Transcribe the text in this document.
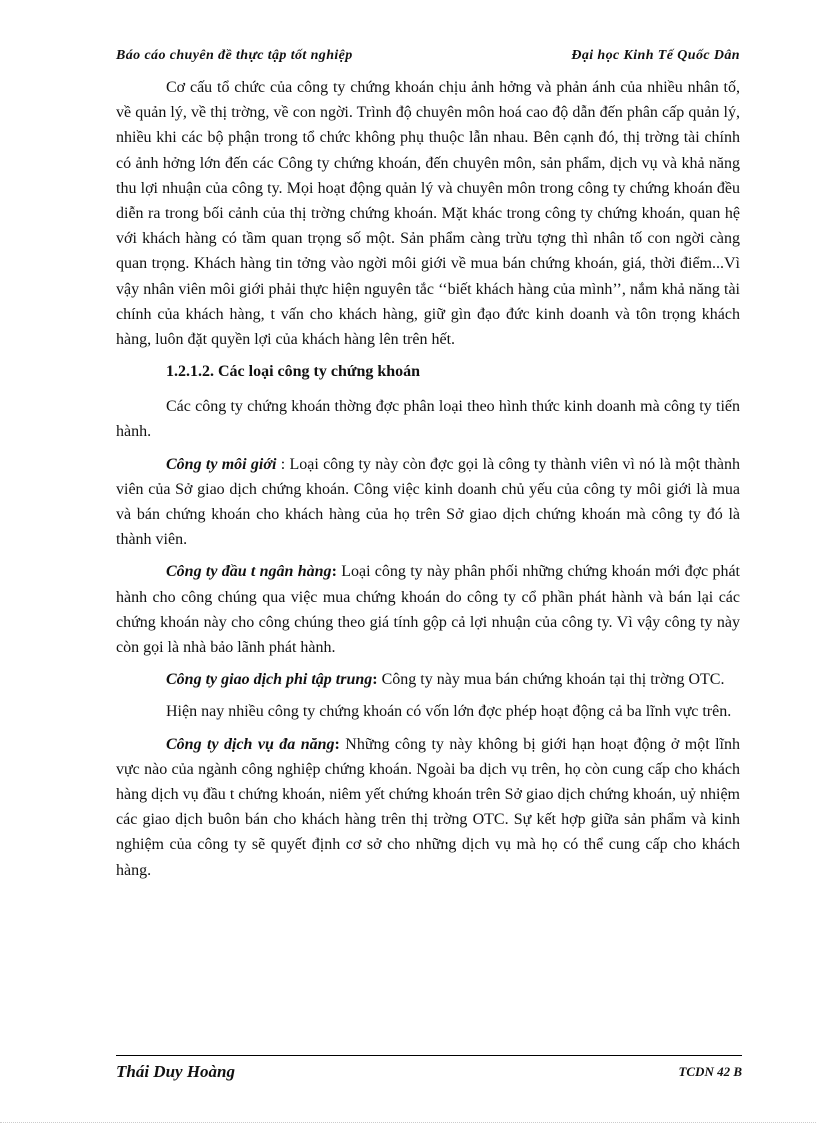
Báo cáo chuyên đề thực tập tốt nghiệp	Đại học Kinh Tế Quốc Dân

Cơ cấu tổ chức của công ty chứng khoán chịu ảnh hởng và phản ánh của nhiều nhân tố, về quản lý, về thị trờng, về con ngời. Trình độ chuyên môn hoá cao độ dẫn đến phân cấp quản lý, nhiều khi các bộ phận trong tổ chức không phụ thuộc lẫn nhau. Bên cạnh đó, thị trờng tài chính có ảnh hởng lớn đến các Công ty chứng khoán, đến chuyên môn, sản phẩm, dịch vụ và khả năng thu lợi nhuận của công ty. Mọi hoạt động quản lý và chuyên môn trong công ty chứng khoán đều diễn ra trong bối cảnh của thị trờng chứng khoán. Mặt khác trong công ty chứng khoán, quan hệ với khách hàng có tầm quan trọng số một. Sản phẩm càng trừu tợng thì nhân tố con ngời càng quan trọng. Khách hàng tin tởng vào ngời môi giới về mua bán chứng khoán, giá, thời điểm...Vì vậy nhân viên môi giới phải thực hiện nguyên tắc ‘‘biết khách hàng của mình’’, nắm khả năng tài chính của khách hàng, t vấn cho khách hàng, giữ gìn đạo đức kinh doanh và tôn trọng khách hàng, luôn đặt quyền lợi của khách hàng lên trên hết.

1.2.1.2. Các loại công ty chứng khoán

Các công ty chứng khoán thờng đợc phân loại theo hình thức kinh doanh mà công ty tiến hành.

Công ty môi giới : Loại công ty này còn đợc gọi là công ty thành viên vì nó là một thành viên của Sở giao dịch chứng khoán. Công việc kinh doanh chủ yếu của công ty môi giới là mua và bán chứng khoán cho khách hàng của họ trên Sở giao dịch chứng khoán mà công ty đó là thành viên.

Công ty đầu t ngân hàng: Loại công ty này phân phối những chứng khoán mới đợc phát hành cho công chúng qua việc mua chứng khoán do công ty cổ phần phát hành và bán lại các chứng khoán này cho công chúng theo giá tính gộp cả lợi nhuận của công ty. Vì vậy công ty này còn gọi là nhà bảo lãnh phát hành.

Công ty giao dịch phi tập trung: Công ty này mua bán chứng khoán tại thị trờng OTC.

Hiện nay nhiều công ty chứng khoán có vốn lớn đợc phép hoạt động cả ba lĩnh vực trên.

Công ty dịch vụ đa năng: Những công ty này không bị giới hạn hoạt động ở một lĩnh vực nào của ngành công nghiệp chứng khoán. Ngoài ba dịch vụ trên, họ còn cung cấp cho khách hàng dịch vụ đầu t chứng khoán, niêm yết chứng khoán trên Sở giao dịch chứng khoán, uỷ nhiệm các giao dịch buôn bán cho khách hàng trên thị trờng OTC. Sự kết hợp giữa sản phẩm và kinh nghiệm của công ty sẽ quyết định cơ sở cho những dịch vụ mà họ có thể cung cấp cho khách hàng.

Thái Duy Hoàng	TCDN 42 B
